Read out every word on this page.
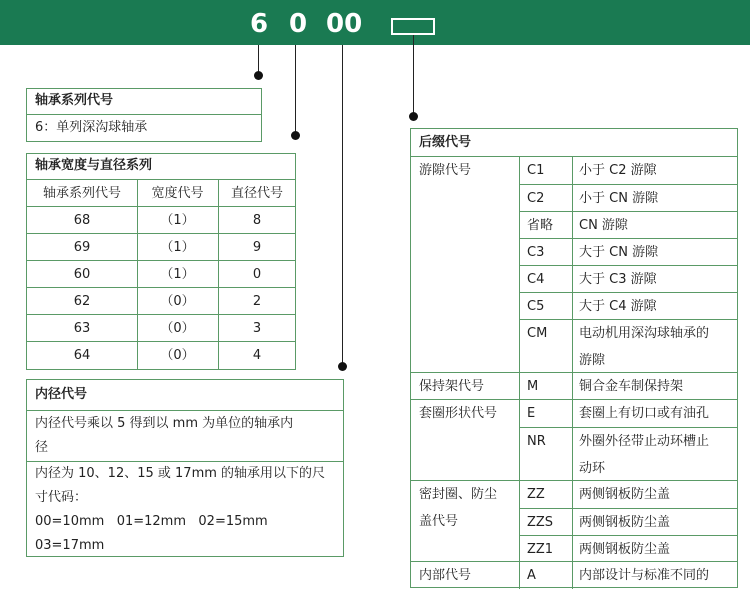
6 0 00
轴承系列代号
6：单列深沟球轴承
轴承宽度与直径系列
轴承系列代号	宽度代号	直径代号
68	（1）	8
69	（1）	9
60	（1）	0
62	（0）	2
63	（0）	3
64	（0）	4
内径代号
内径代号乘以 5 得到以 mm 为单位的轴承内
径
内径为 10、12、15 或 17mm 的轴承用以下的尺
寸代码：
00=10mm   01=12mm   02=15mm
03=17mm
后缀代号
游隙代号	C1	小于 C2 游隙
C2	小于 CN 游隙
省略	CN 游隙
C3	大于 CN 游隙
C4	大于 C3 游隙
C5	大于 C4 游隙
CM	电动机用深沟球轴承的
游隙
保持架代号	M	铜合金车制保持架
套圈形状代号	E	套圈上有切口或有油孔
NR	外圈外径带止动环槽止
动环
密封圈、防尘
盖代号
ZZ	两侧钢板防尘盖
ZZS	两侧钢板防尘盖
ZZ1	两侧钢板防尘盖
内部代号	A	内部设计与标准不同的
